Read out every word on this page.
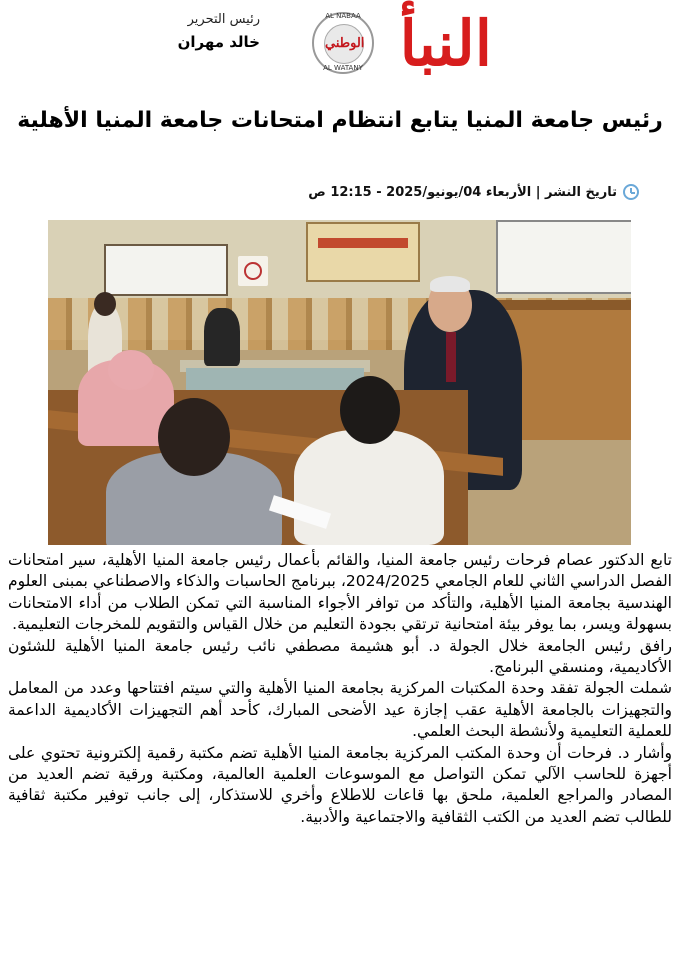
رئيس التحرير
خالد مهران النبأ
AL NABAA
الوطني
AL WATANY
رئيس جامعة المنيا يتابع انتظام امتحانات جامعة المنيا الأهلية
تاريخ النشر | الأربعاء 04/يونيو/2025 - 12:15 ص

تابع الدكتور عصام فرحات رئيس جامعة المنيا، والقائم بأعمال رئيس جامعة المنيا الأهلية، سير امتحانات الفصل الدراسي الثاني للعام الجامعي 2024/2025، ببرنامج الحاسبات والذكاء والاصطناعي بمبنى العلوم الهندسية بجامعة المنيا الأهلية، والتأكد من توافر الأجواء المناسبة التي تمكن الطلاب من أداء الامتحانات بسهولة ويسر، بما يوفر بيئة امتحانية ترتقي بجودة التعليم من خلال القياس والتقويم للمخرجات التعليمية.

رافق رئيس الجامعة خلال الجولة د. أبو هشيمة مصطفي نائب رئيس جامعة المنيا الأهلية للشئون الأكاديمية، ومنسقي البرنامج.

شملت الجولة تفقد وحدة المكتبات المركزية بجامعة المنيا الأهلية والتي سيتم افتتاحها وعدد من المعامل والتجهيزات بالجامعة الأهلية عقب إجازة عيد الأضحى المبارك، كأحد أهم التجهيزات الأكاديمية الداعمة للعملية التعليمية ولأنشطة البحث العلمي.

وأشار د. فرحات أن وحدة المكتب المركزية بجامعة المنيا الأهلية تضم مكتبة رقمية إلكترونية تحتوي على أجهزة للحاسب الآلي تمكن التواصل مع الموسوعات العلمية العالمية، ومكتبة ورقية تضم العديد من المصادر والمراجع العلمية، ملحق بها قاعات للاطلاع وأخري للاستذكار، إلى جانب توفير مكتبة ثقافية للطالب تضم العديد من الكتب الثقافية والاجتماعية والأدبية.
